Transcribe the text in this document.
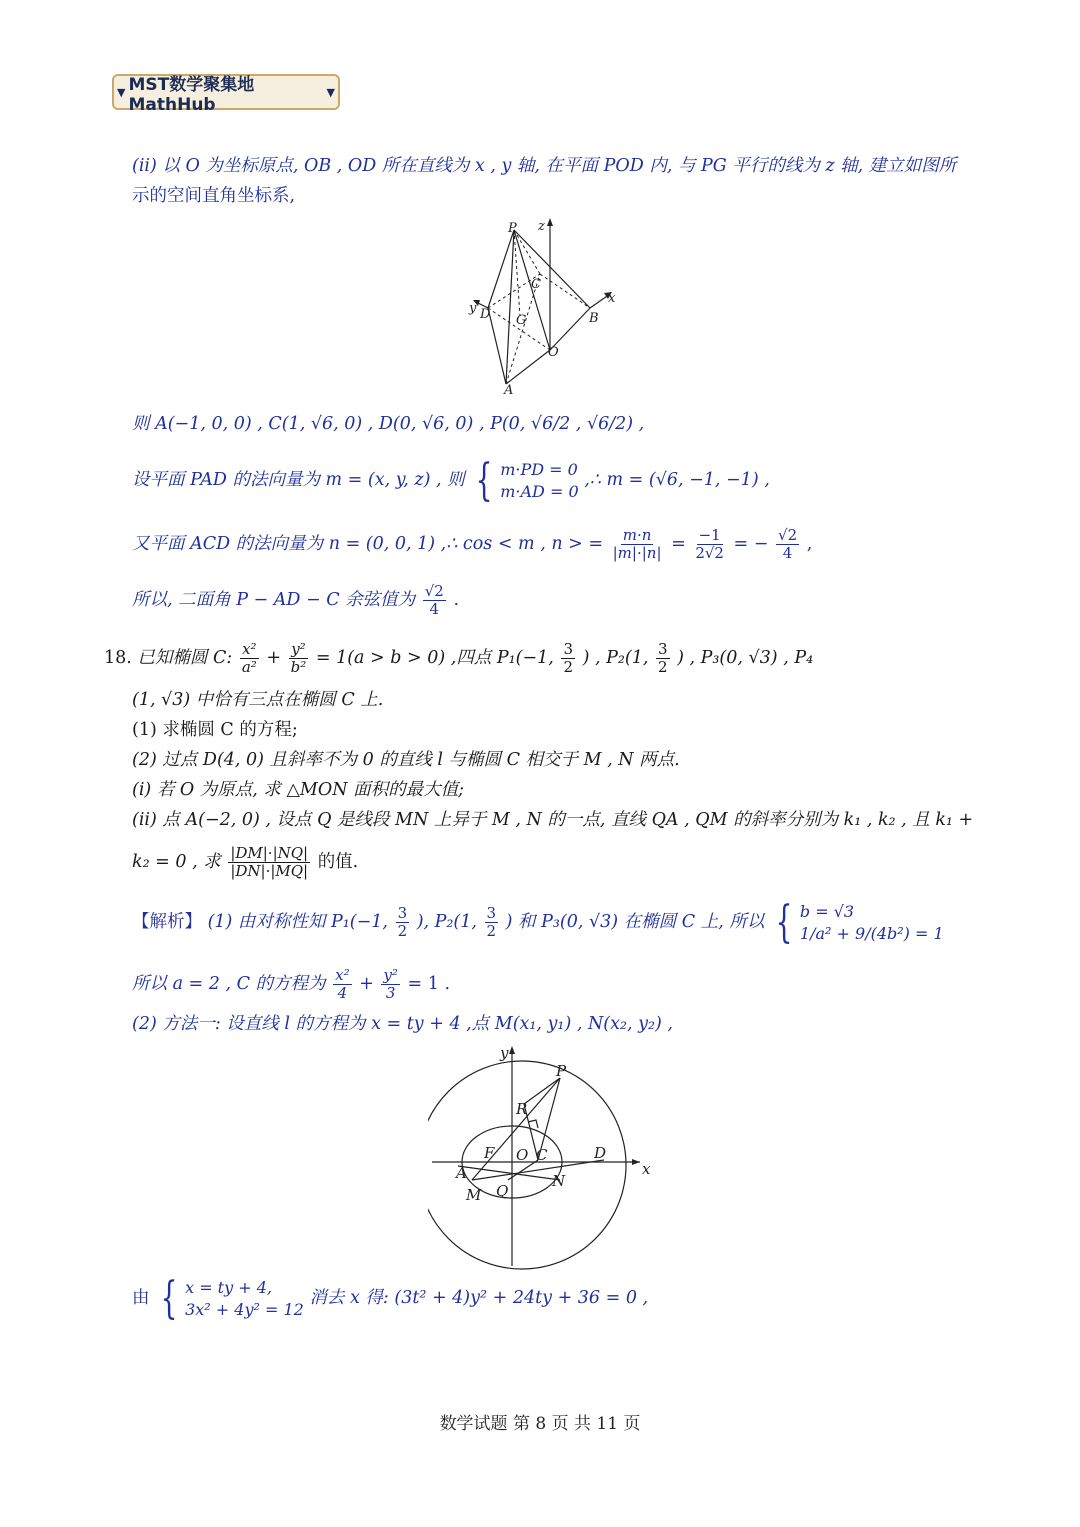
▼ MST数学聚集地MathHub
▼
(ii) 以 O 为坐标原点, OB , OD 所在直线为 x , y 轴, 在平面 POD 内, 与 PG 平行的线为 z 轴, 建立如图所
示的空间直角坐标系,
P z
C
x
y D G	B
O
A
则 A(−1, 0, 0) , C(1, √6, 0) , D(0, √6, 0) , P(0, √6/2 , √6/2) ,
设平面 PAD 的法向量为 m = (x, y, z) , 则 { m·PD = 0
m·AD = 0
,∴ m = (√6, −1, −1) ,
又平面 ACD 的法向量为 n = (0, 0, 1) ,∴ cos < m , n > = $\frac{m\cdot n}{|m|\cdot|n|} = \frac{-1}{2√2}$ = − $\frac{√2}{4}$ ,
所以, 二面角 P − AD − C 余弦值为 $\frac{√2}{4}$ .
18. 已知椭圆 C: $\frac{\text{x²}}{\text{a²}} + \frac{\text{y²}}{\text{b²}} = 1(a > b > 0)$ ,四点 P₁(−1, $\frac{3}{2}$ ) , P₂(1, $\frac{3}{2}$ ) , P₃(0, √3) , P₄
(1, √3) 中恰有三点在椭圆 C 上.
(1) 求椭圆 C 的方程;
(2) 过点 D(4, 0) 且斜率不为 0 的直线 l 与椭圆 C 相交于 M , N 两点.
(i) 若 O 为原点, 求 △MON 面积的最大值;
(ii) 点 A(−2, 0) , 设点 Q 是线段 MN 上异于 M , N 的一点, 直线 QA , QM 的斜率分别为 k₁ , k₂ , 且 k₁ +
k₂ = 0 , 求 $\frac{|DM|\cdot|NQ|}{|DN|\cdot|MQ|}$ 的值.
【解析】 (1) 由对称性知 P₁(−1, $\frac{3}{2}$ ), P₂(1, $\frac{3}{2}$ ) 和 P₃(0, √3) 在椭圆 C 上, 所以 { b = √3
1/a² + 9/(4b²) = 1
所以 a = 2 , C 的方程为 $\frac{\text{x²}}{4} + \frac{\text{y²}}{3} = 1$ .
(2) 方法一: 设直线 l 的方程为 x = ty + 4 ,点 M(x₁, y₁) , N(x₂, y₂) ,
y
P
R
F O C	D
x
A
Q
N
M
由 { x = ty + 4,
3x² + 4y² = 12
消去 x 得: (3t² + 4)y² + 24ty + 36 = 0 ,
数学试题 第 8 页 共 11 页
